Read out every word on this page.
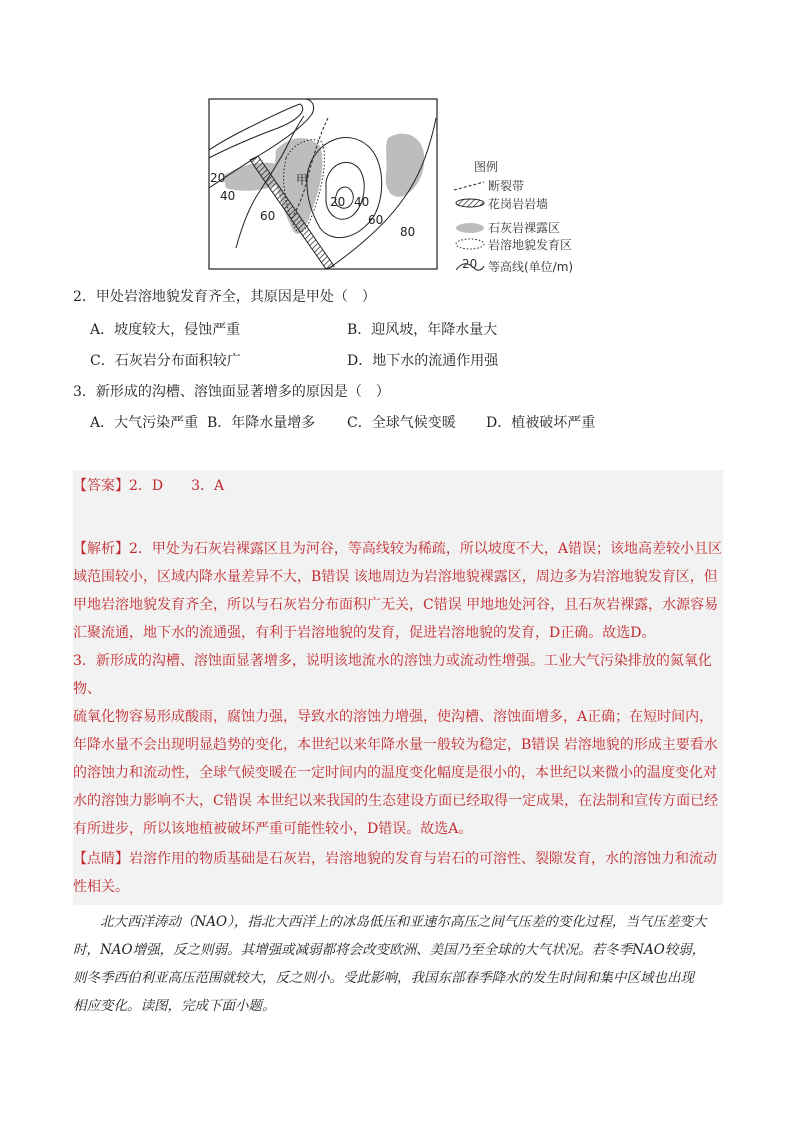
20
40
60
甲
20 40
60
80
图例
断裂带
花岗岩岩墙
石灰岩裸露区
岩溶地貌发育区
20 等高线(单位/m)
2．甲处岩溶地貌发育齐全，其原因是甲处（　）
A．坡度较大，侵蚀严重	B．迎风坡，年降水量大
C．石灰岩分布面积较广	D．地下水的流通作用强
3．新形成的沟槽、溶蚀面显著增多的原因是（　）
A．大气污染严重 B．年降水量增多 C．全球气候变暖 D．植被破坏严重
【答案】2．D　　3．A
【解析】2．甲处为石灰岩裸露区且为河谷，等高线较为稀疏，所以坡度不大，A错误；该地高差较小且区
域范围较小，区域内降水量差异不大，B错误 该地周边为岩溶地貌裸露区，周边多为岩溶地貌发育区，但
甲地岩溶地貌发育齐全，所以与石灰岩分布面积广无关，C错误 甲地地处河谷，且石灰岩裸露，水源容易
汇聚流通，地下水的流通强，有利于岩溶地貌的发育，促进岩溶地貌的发育，D正确。故选D。
3．新形成的沟槽、溶蚀面显著增多，说明该地流水的溶蚀力或流动性增强。工业大气污染排放的氮氧化物、
硫氧化物容易形成酸雨，腐蚀力强，导致水的溶蚀力增强，使沟槽、溶蚀面增多，A正确；在短时间内，
年降水量不会出现明显趋势的变化，本世纪以来年降水量一般较为稳定，B错误 岩溶地貌的形成主要看水
的溶蚀力和流动性，全球气候变暖在一定时间内的温度变化幅度是很小的，本世纪以来微小的温度变化对
水的溶蚀力影响不大，C错误 本世纪以来我国的生态建设方面已经取得一定成果，在法制和宣传方面已经
有所进步，所以该地植被破坏严重可能性较小，D错误。故选A。
【点睛】岩溶作用的物质基础是石灰岩，岩溶地貌的发育与岩石的可溶性、裂隙发育，水的溶蚀力和流动
性相关。
　　北大西洋涛动（NAO），指北大西洋上的冰岛低压和亚速尔高压之间气压差的变化过程，当气压差变大
时，NAO增强，反之则弱。其增强或减弱都将会改变欧洲、美国乃至全球的大气状况。若冬季NAO较弱，
则冬季西伯利亚高压范围就较大，反之则小。受此影响，我国东部春季降水的发生时间和集中区域也出现
相应变化。读图，完成下面小题。
